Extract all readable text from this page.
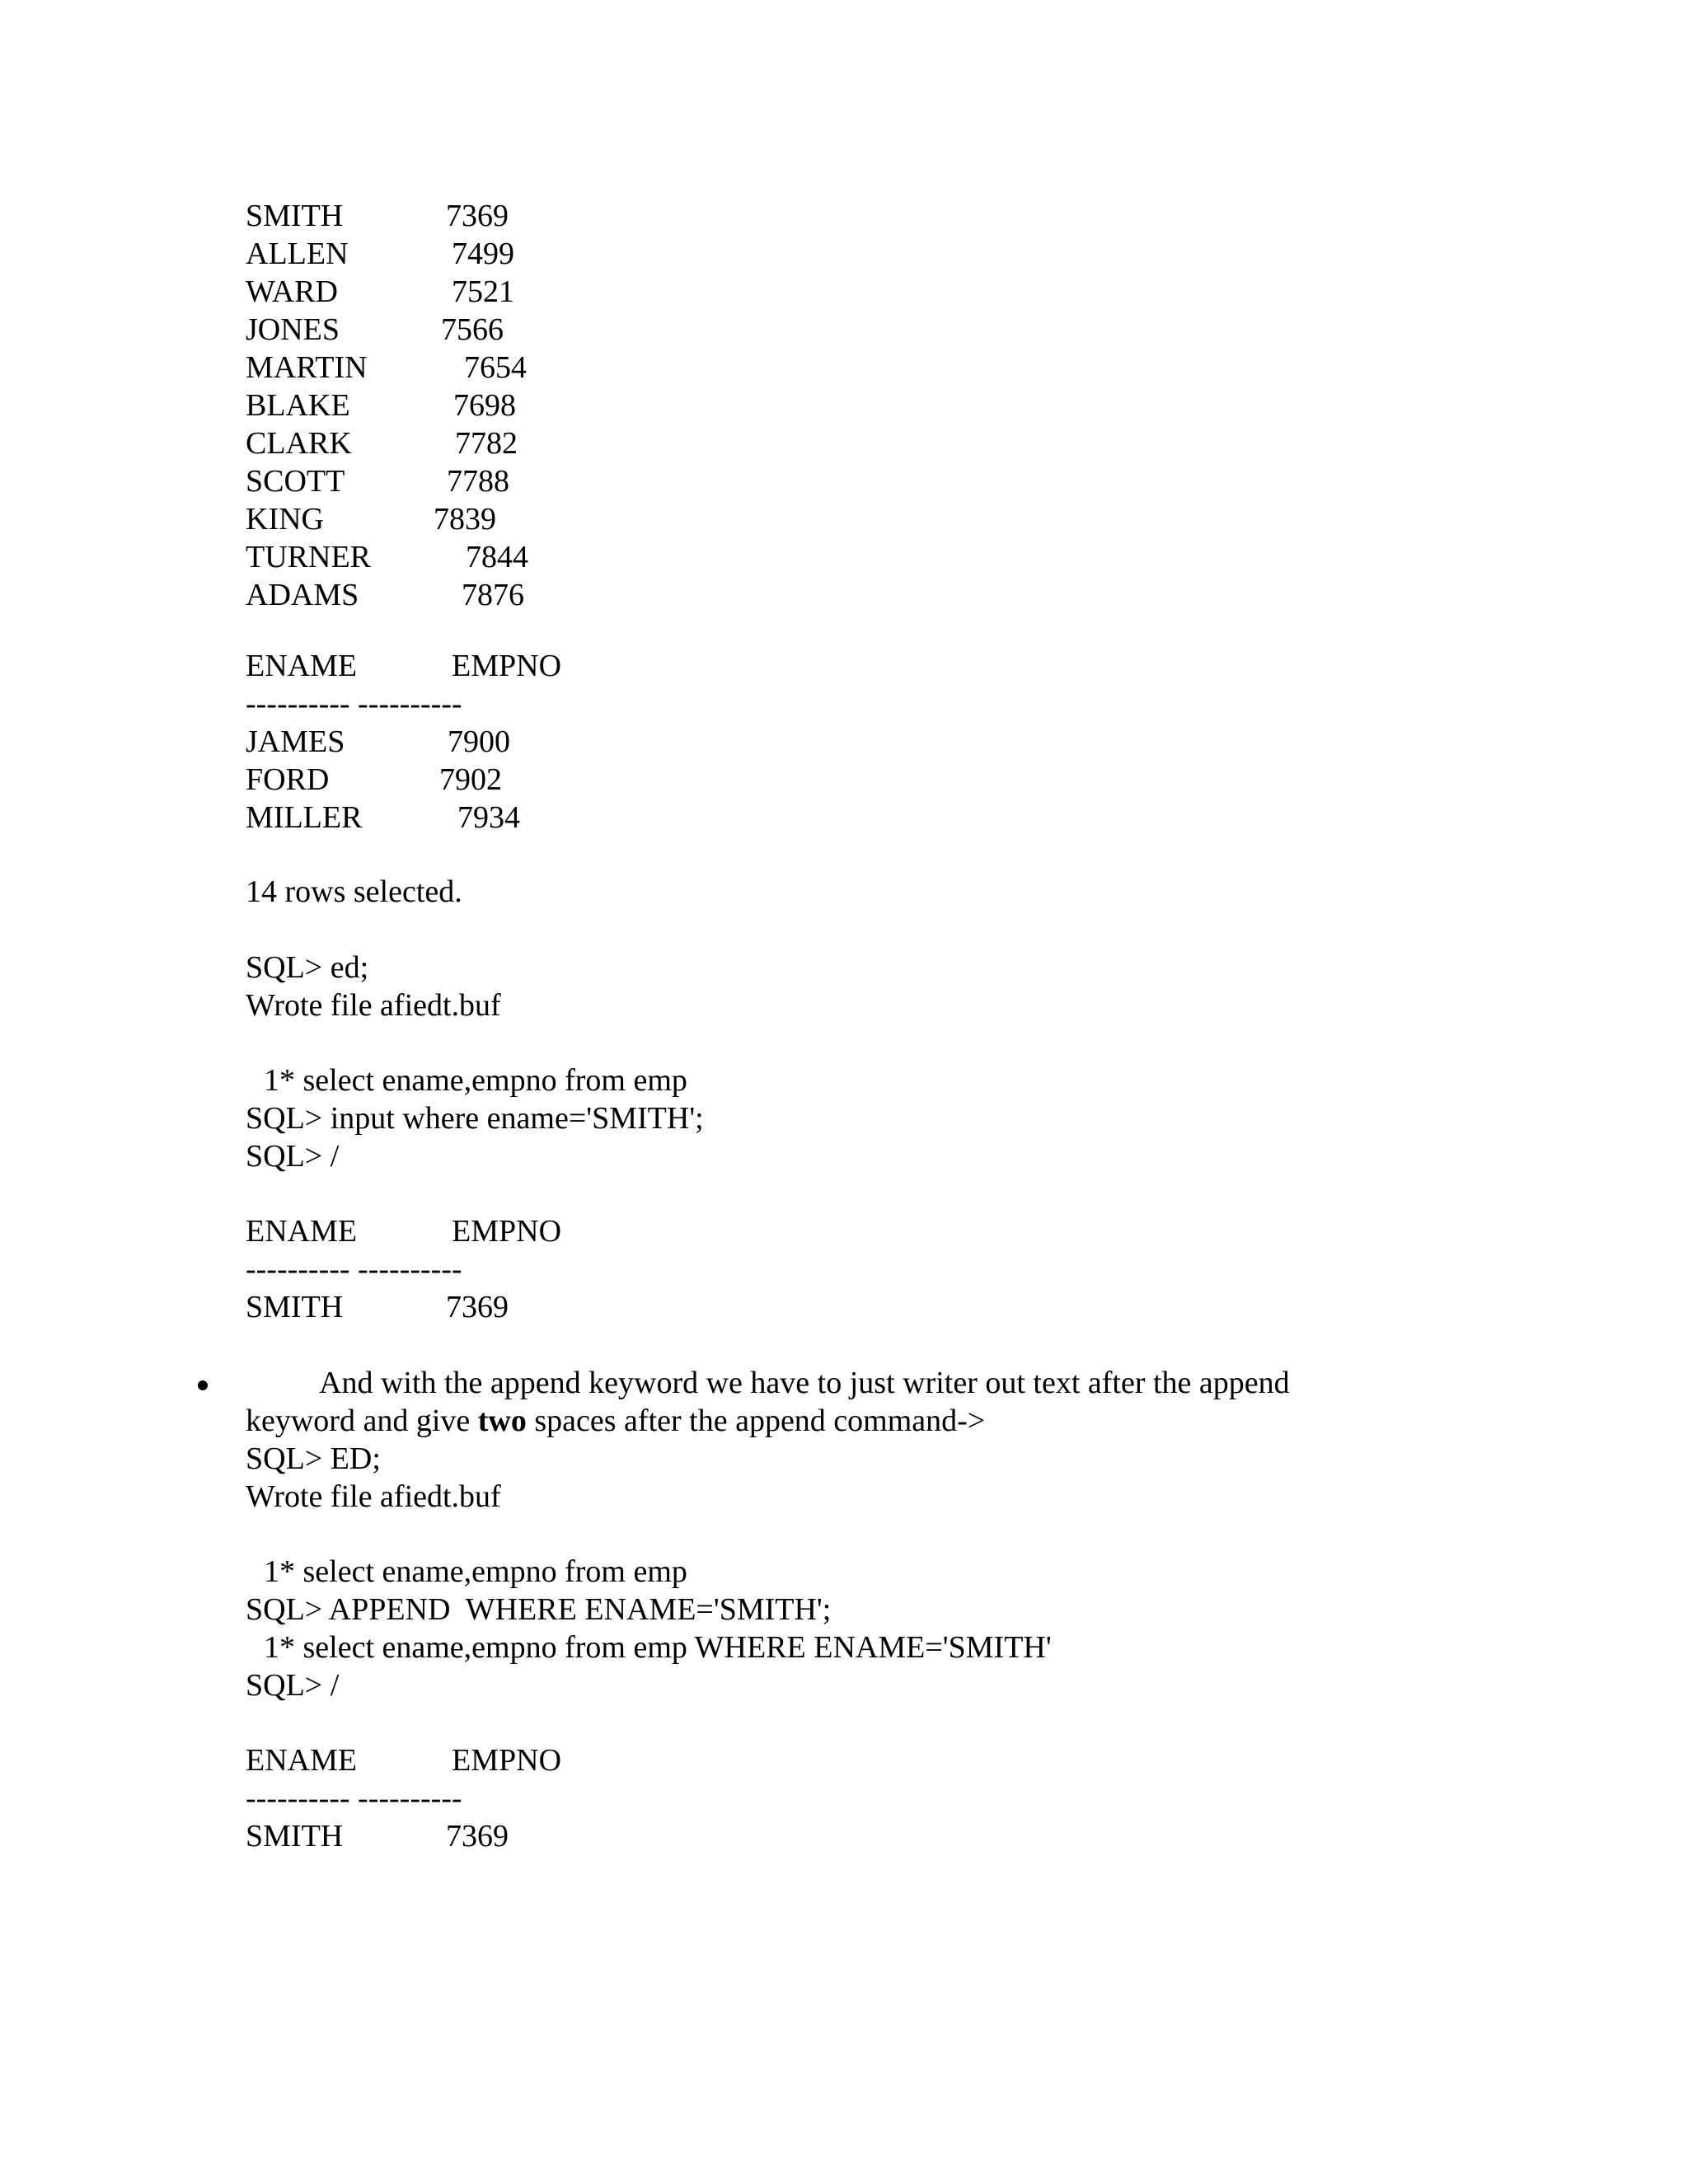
SMITH	7369
ALLEN	7499
WARD	7521
JONES	7566
MARTIN	7654
BLAKE	7698
CLARK	7782
SCOTT	7788
KING	7839
TURNER	7844
ADAMS	7876
ENAME	EMPNO
---------- ----------
JAMES	7900
FORD	7902
MILLER	7934
14 rows selected.
SQL> ed;
Wrote file afiedt.buf
1* select ename,empno from emp
SQL> input where ename='SMITH';
SQL> /
ENAME	EMPNO
---------- ----------
SMITH	7369
And with the append keyword we have to just writer out text after the append
keyword and give two spaces after the append command->
SQL> ED;
Wrote file afiedt.buf
1* select ename,empno from emp
SQL> APPEND  WHERE ENAME='SMITH';
1* select ename,empno from emp WHERE ENAME='SMITH'
SQL> /
ENAME	EMPNO
---------- ----------
SMITH	7369
